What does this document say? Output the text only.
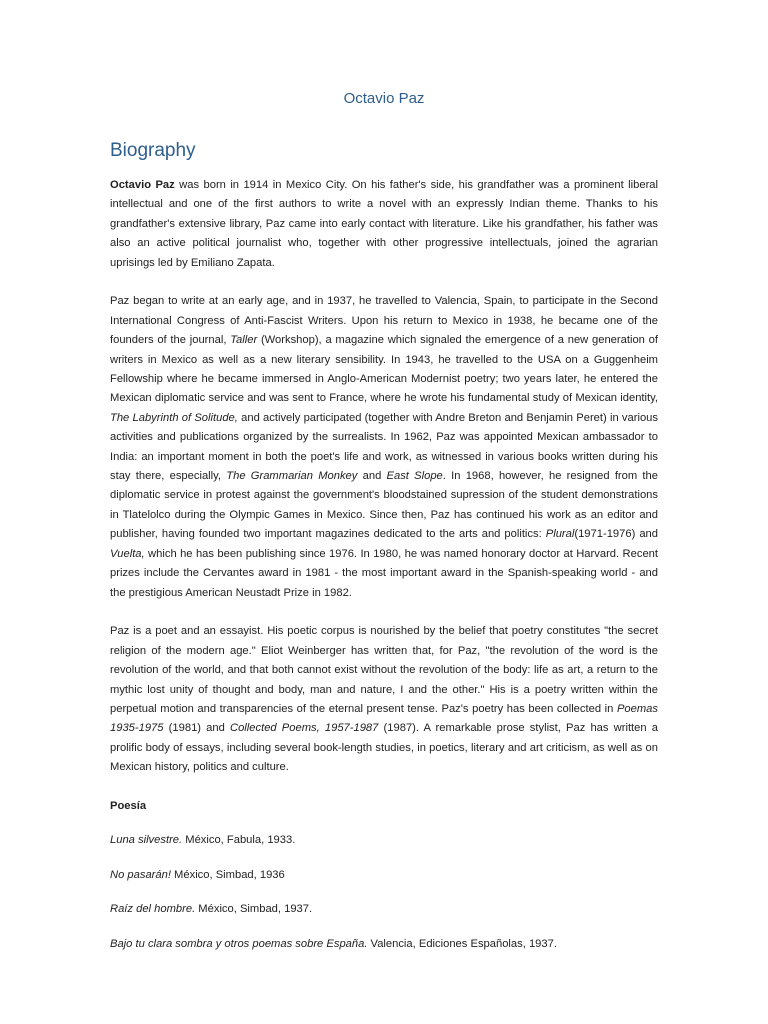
Octavio Paz
Biography

Octavio Paz was born in 1914 in Mexico City. On his father's side, his grandfather was a prominent liberal intellectual and one of the first authors to write a novel with an expressly Indian theme. Thanks to his grandfather's extensive library, Paz came into early contact with literature. Like his grandfather, his father was also an active political journalist who, together with other progressive intellectuals, joined the agrarian uprisings led by Emiliano Zapata.

Paz began to write at an early age, and in 1937, he travelled to Valencia, Spain, to participate in the Second International Congress of Anti-Fascist Writers. Upon his return to Mexico in 1938, he became one of the founders of the journal, Taller (Workshop), a magazine which signaled the emergence of a new generation of writers in Mexico as well as a new literary sensibility. In 1943, he travelled to the USA on a Guggenheim Fellowship where he became immersed in Anglo-American Modernist poetry; two years later, he entered the Mexican diplomatic service and was sent to France, where he wrote his fundamental study of Mexican identity, The Labyrinth of Solitude, and actively participated (together with Andre Breton and Benjamin Peret) in various activities and publications organized by the surrealists. In 1962, Paz was appointed Mexican ambassador to India: an important moment in both the poet's life and work, as witnessed in various books written during his stay there, especially, The Grammarian Monkey and East Slope. In 1968, however, he resigned from the diplomatic service in protest against the government's bloodstained supression of the student demonstrations in Tlatelolco during the Olympic Games in Mexico. Since then, Paz has continued his work as an editor and publisher, having founded two important magazines dedicated to the arts and politics: Plural(1971-1976) and Vuelta, which he has been publishing since 1976. In 1980, he was named honorary doctor at Harvard. Recent prizes include the Cervantes award in 1981 - the most important award in the Spanish-speaking world - and the prestigious American Neustadt Prize in 1982.

Paz is a poet and an essayist. His poetic corpus is nourished by the belief that poetry constitutes "the secret religion of the modern age." Eliot Weinberger has written that, for Paz, "the revolution of the word is the revolution of the world, and that both cannot exist without the revolution of the body: life as art, a return to the mythic lost unity of thought and body, man and nature, I and the other." His is a poetry written within the perpetual motion and transparencies of the eternal present tense. Paz's poetry has been collected in Poemas 1935-1975 (1981) and Collected Poems, 1957-1987 (1987). A remarkable prose stylist, Paz has written a prolific body of essays, including several book-length studies, in poetics, literary and art criticism, as well as on Mexican history, politics and culture.

Poesía

Luna silvestre. México, Fabula, 1933.

No pasarán! México, Simbad, 1936

Raíz del hombre. México, Simbad, 1937.

Bajo tu clara sombra y otros poemas sobre España. Valencia, Ediciones Españolas, 1937.
